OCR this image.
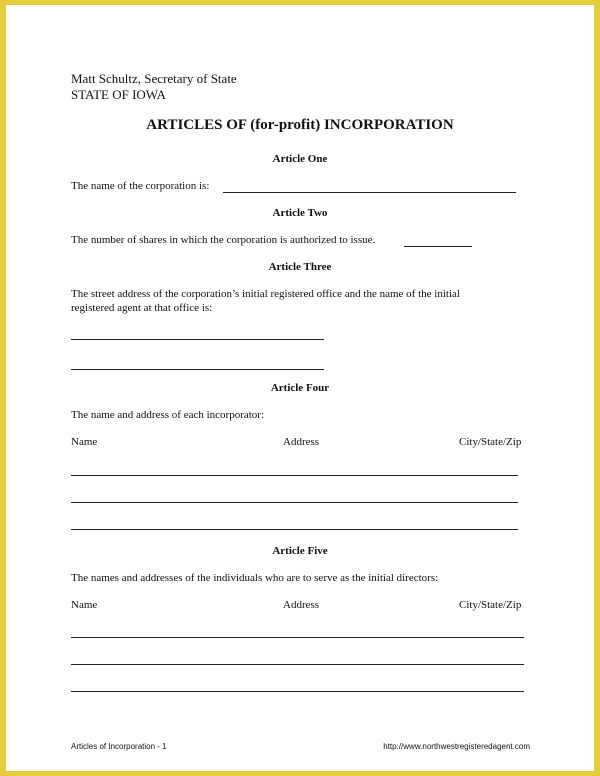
Matt Schultz, Secretary of State

STATE OF IOWA

ARTICLES OF (for-profit) INCORPORATION

Article One

The name of the corporation is:

Article Two

The number of shares in which the corporation is authorized to issue.

Article Three

The street address of the corporation’s initial registered office and the name of the initial

registered agent at that office is:

Article Four

The name and address of each incorporator:

Name	Address	City/State/Zip

Article Five

The names and addresses of the individuals who are to serve as the initial directors:

Name	Address	City/State/Zip

Articles of Incorporation - 1	http://www.northwestregisteredagent.com
